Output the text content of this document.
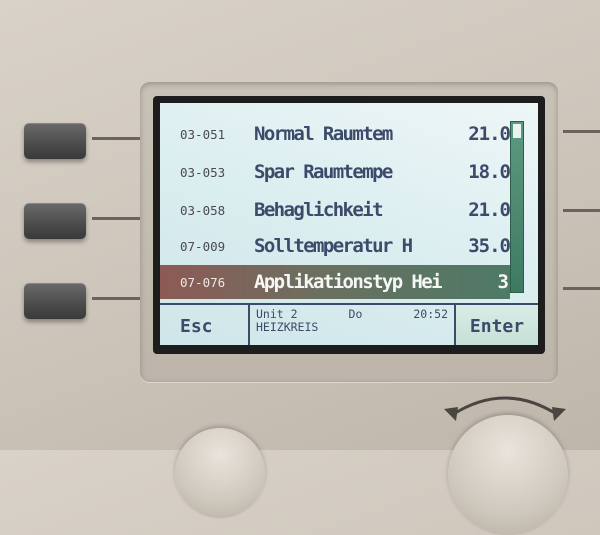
03-051	Normal Raumtem	21.0
03-053	Spar Raumtempe	18.0
03-058	Behaglichkeit	21.0
07-009	Solltemperatur H	35.0
07-076	Applikationstyp Hei	3
Esc
Unit 2	Do	20:52
HEIZKREIS	Enter
